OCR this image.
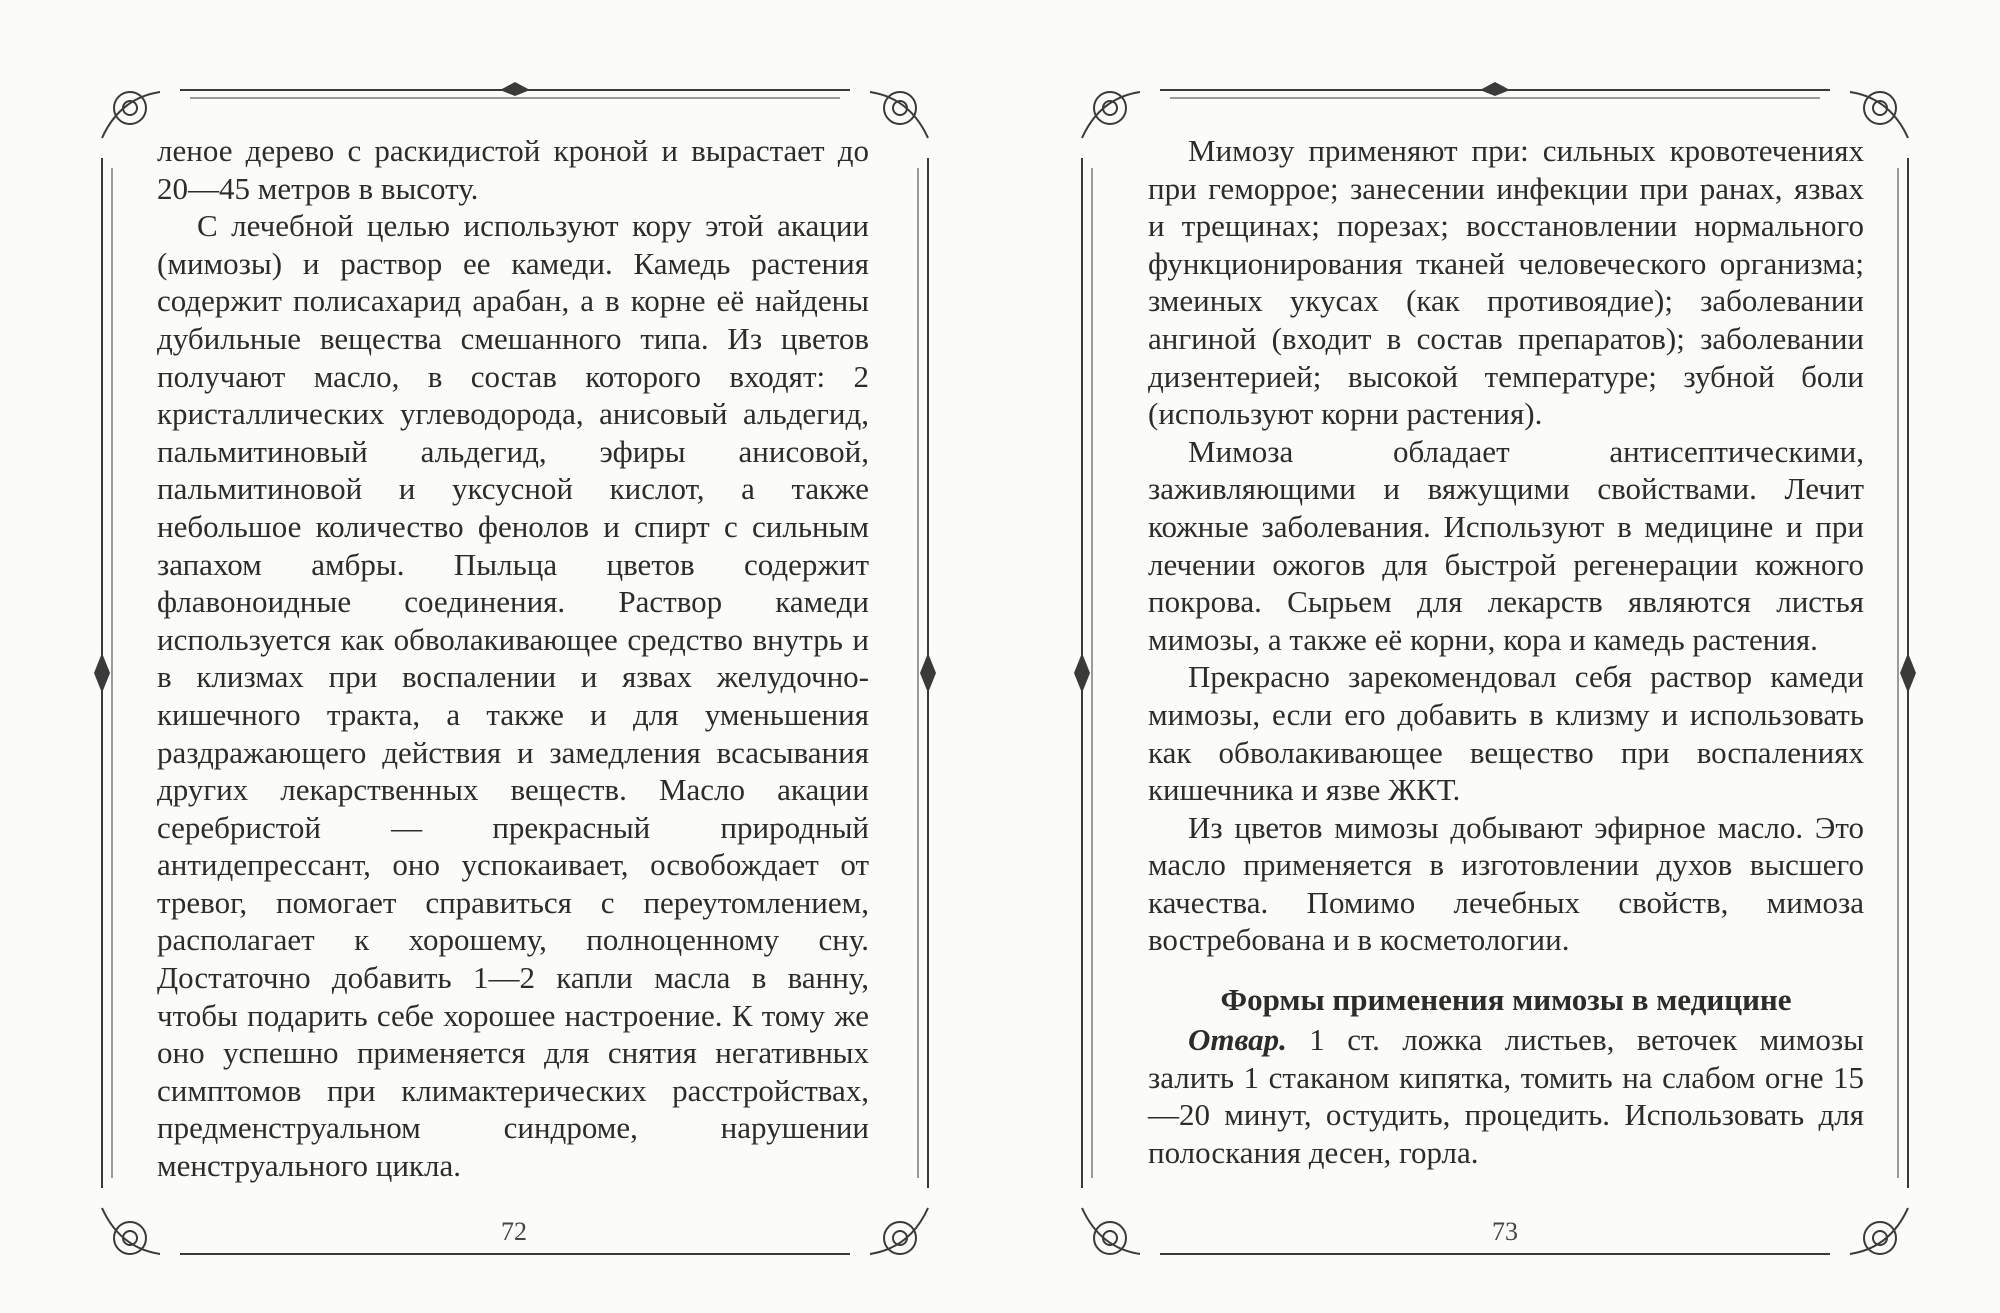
леное дерево с раскидистой кроной и вырастает до 20—45 метров в высоту.

С лечебной целью используют кору этой акации (мимозы) и раствор ее камеди. Камедь растения содержит полисахарид арабан, а в корне её найдены дубильные вещества смешанного типа. Из цветов получают масло, в состав которого входят: 2 кристаллических углеводорода, анисовый альдегид, пальмитиновый альдегид, эфиры анисовой, пальмитиновой и уксусной кислот, а также небольшое количество фенолов и спирт с сильным запахом амбры. Пыльца цветов содержит флавоноидные соединения. Раствор камеди используется как обволакивающее средство внутрь и в клизмах при воспалении и язвах желудочно-кишечного тракта, а также и для уменьшения раздражающего действия и замедления всасывания других лекарственных веществ. Масло акации серебристой — прекрасный природный антидепрессант, оно успокаивает, освобождает от тревог, помогает справиться с переутомлением, располагает к хорошему, полноценному сну. Достаточно добавить 1—2 капли масла в ванну, чтобы подарить себе хорошее настроение. К тому же оно успешно применяется для снятия негативных симптомов при климактерических расстройствах, предменструальном синдроме, нарушении менструального цикла.

72

Мимозу применяют при: сильных кровотечениях при геморрое; занесении инфекции при ранах, язвах и трещинах; порезах; восстановлении нормального функционирования тканей человеческого организма; змеиных укусах (как противоядие); заболевании ангиной (входит в состав препаратов); заболевании дизентерией; высокой температуре; зубной боли (используют корни растения).

Мимоза обладает антисептическими, заживляющими и вяжущими свойствами. Лечит кожные заболевания. Используют в медицине и при лечении ожогов для быстрой регенерации кожного покрова. Сырьем для лекарств являются листья мимозы, а также её корни, кора и камедь растения.

Прекрасно зарекомендовал себя раствор камеди мимозы, если его добавить в клизму и использовать как обволакивающее вещество при воспалениях кишечника и язве ЖКТ.

Из цветов мимозы добывают эфирное масло. Это масло применяется в изготовлении духов высшего качества. Помимо лечебных свойств, мимоза востребована и в косметологии.

Формы применения мимозы в медицине

Отвар. 1 ст. ложка листьев, веточек мимозы залить 1 стаканом кипятка, томить на слабом огне 15—20 минут, остудить, процедить. Использовать для полоскания десен, горла.

73
